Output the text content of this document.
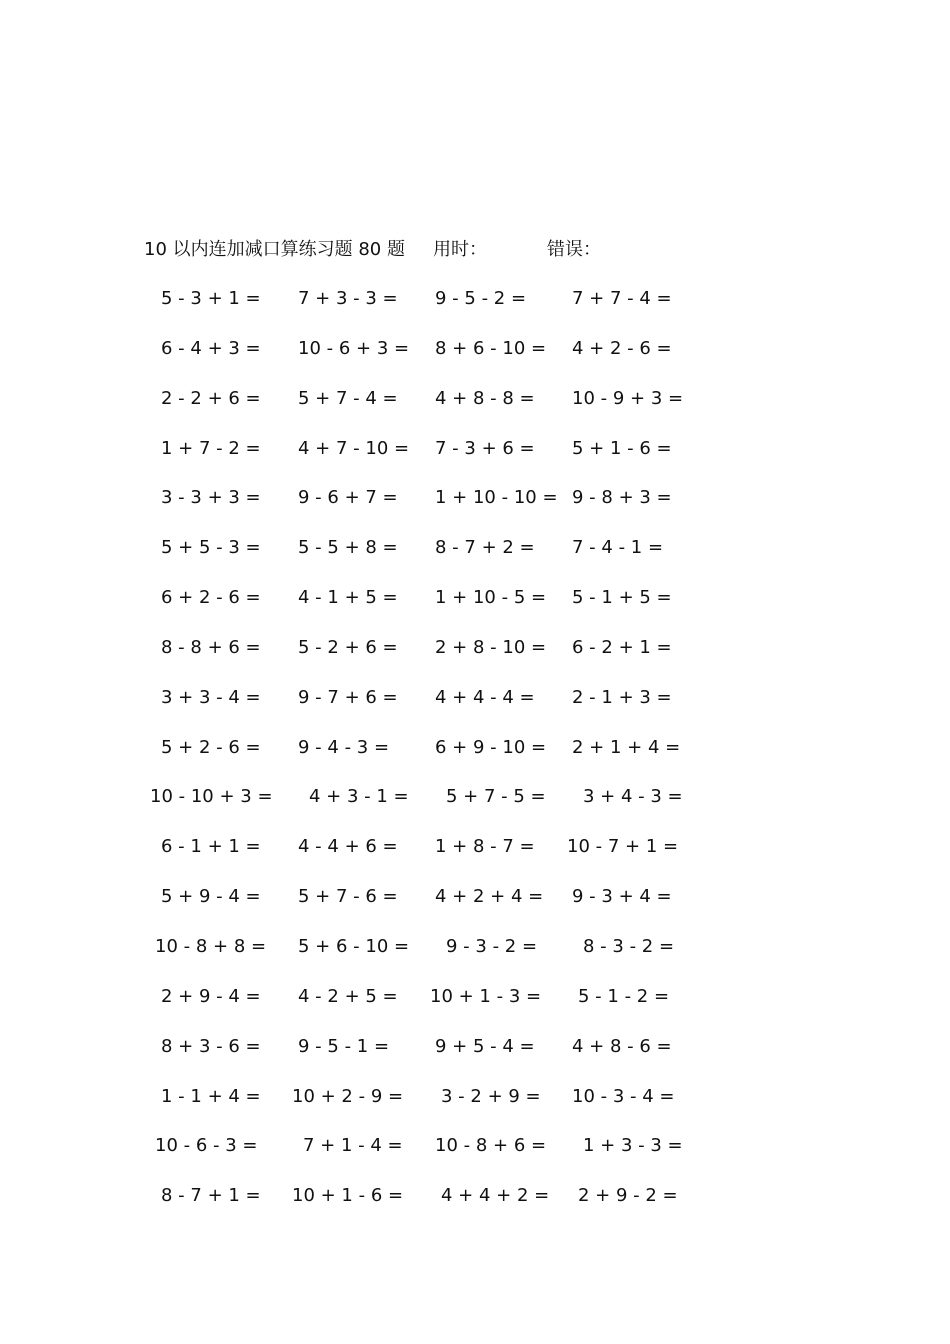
10 以内连加减口算练习题 80 题 用时：	错误：
5 - 3 + 1 = 7 + 3 - 3 = 9 - 5 - 2 =	7 + 7 - 4 =
6 - 4 + 3 = 10 - 6 + 3 = 8 + 6 - 10 = 4 + 2 - 6 =
2 - 2 + 6 = 5 + 7 - 4 = 4 + 8 - 8 = 10 - 9 + 3 =
1 + 7 - 2 = 4 + 7 - 10 = 7 - 3 + 6 = 5 + 1 - 6 =
3 - 3 + 3 = 9 - 6 + 7 = 1 + 10 - 10 = 9 - 8 + 3 =
5 + 5 - 3 = 5 - 5 + 8 = 8 - 7 + 2 = 7 - 4 - 1 =
6 + 2 - 6 = 4 - 1 + 5 = 1 + 10 - 5 = 5 - 1 + 5 =
8 - 8 + 6 = 5 - 2 + 6 = 2 + 8 - 10 = 6 - 2 + 1 =
3 + 3 - 4 = 9 - 7 + 6 = 4 + 4 - 4 = 2 - 1 + 3 =
5 + 2 - 6 = 9 - 4 - 3 =	6 + 9 - 10 = 2 + 1 + 4 =
10 - 10 + 3 = 4 + 3 - 1 = 5 + 7 - 5 = 3 + 4 - 3 =
6 - 1 + 1 = 4 - 4 + 6 = 1 + 8 - 7 = 10 - 7 + 1 =
5 + 9 - 4 = 5 + 7 - 6 = 4 + 2 + 4 = 9 - 3 + 4 =
10 - 8 + 8 = 5 + 6 - 10 = 9 - 3 - 2 =	8 - 3 - 2 =
2 + 9 - 4 = 4 - 2 + 5 = 10 + 1 - 3 = 5 - 1 - 2 =
8 + 3 - 6 = 9 - 5 - 1 =	9 + 5 - 4 = 4 + 8 - 6 =
1 - 1 + 4 = 10 + 2 - 9 = 3 - 2 + 9 = 10 - 3 - 4 =
10 - 6 - 3 =	7 + 1 - 4 = 10 - 8 + 6 = 1 + 3 - 3 =
8 - 7 + 1 = 10 + 1 - 6 = 4 + 4 + 2 = 2 + 9 - 2 =
